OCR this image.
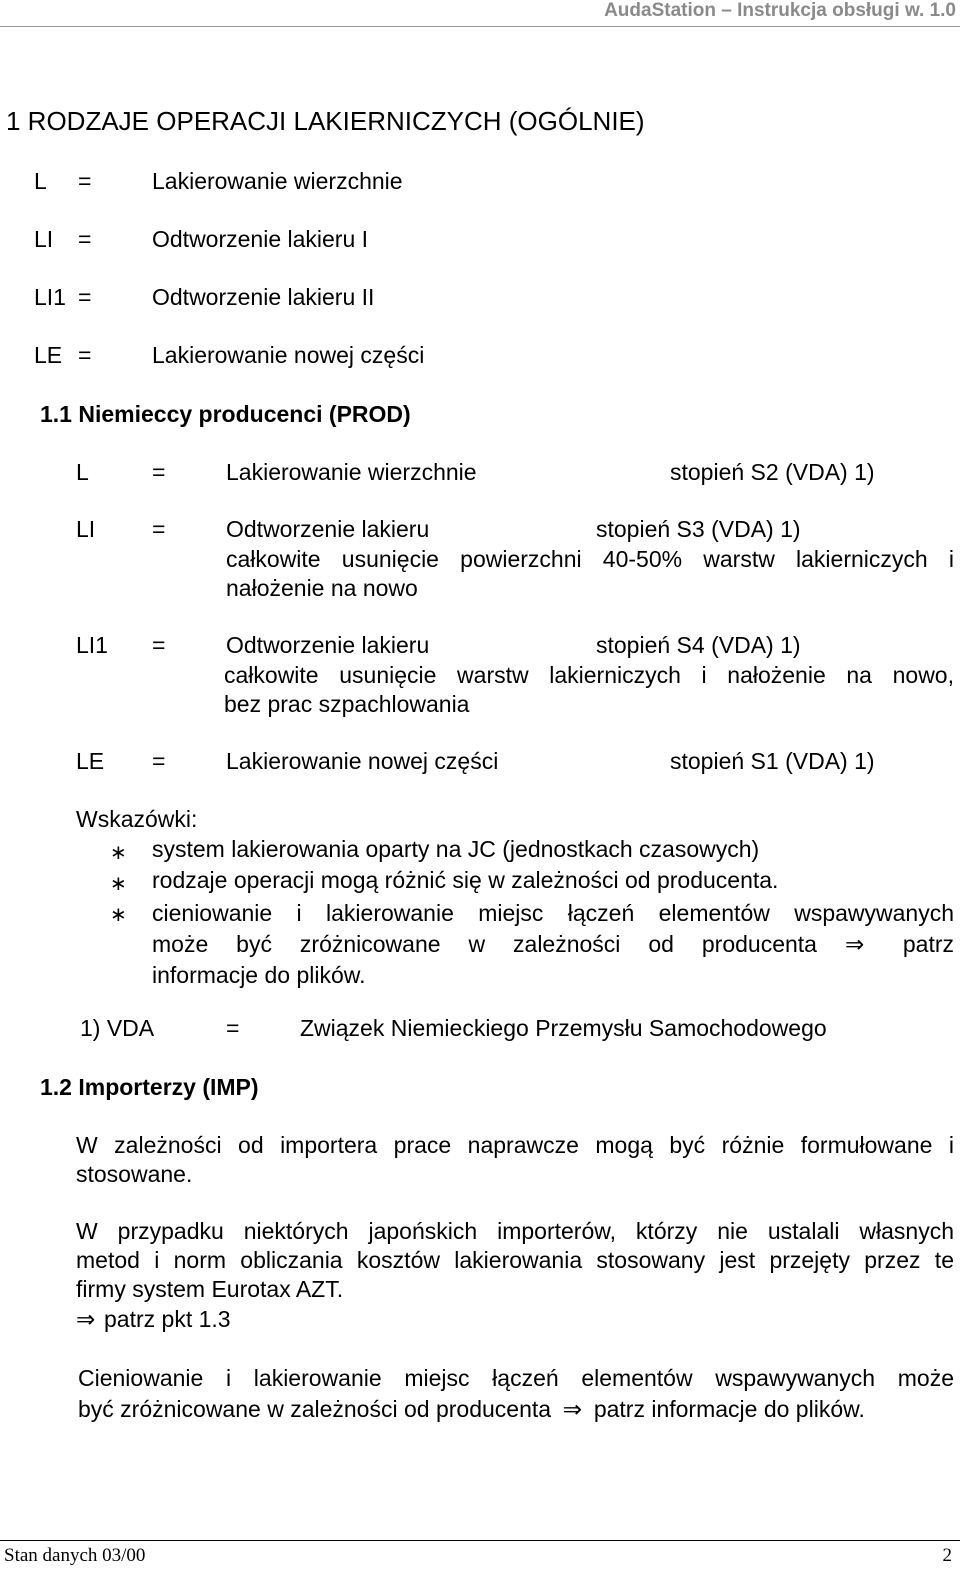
AudaStation – Instrukcja obsługi w. 1.0
1 RODZAJE OPERACJI LAKIERNICZYCH (OGÓLNIE)
L =	Lakierowanie wierzchnie
LI =	Odtworzenie lakieru I
LI1 =	Odtworzenie lakieru II
LE =	Lakierowanie nowej części
1.1 Niemieccy producenci (PROD)
L	=	Lakierowanie wierzchnie	stopień S2 (VDA) 1)
LI =	Odtworzenie lakieru	stopień S3 (VDA) 1)
całkowite usunięcie powierzchni 40-50% warstw lakierniczych i
nałożenie na nowo
LI1 =	Odtworzenie lakieru	stopień S4 (VDA) 1)
całkowite usunięcie warstw lakierniczych i nałożenie na nowo,
bez prac szpachlowania
LE =	Lakierowanie nowej części	stopień S1 (VDA) 1)
Wskazówki:
∗ system lakierowania oparty na JC (jednostkach czasowych)
∗ rodzaje operacji mogą różnić się w zależności od producenta.
∗ cieniowanie i lakierowanie miejsc łączeń elementów wspawywanych
może być zróżnicowane w zależności od producenta ⇒ patrz
informacje do plików.
1) VDA	=	Związek Niemieckiego Przemysłu Samochodowego
1.2 Importerzy (IMP)
W zależności od importera prace naprawcze mogą być różnie formułowane i
stosowane.
W przypadku niektórych japońskich importerów, którzy nie ustalali własnych
metod i norm obliczania kosztów lakierowania stosowany jest przejęty przez te
firmy system Eurotax AZT.
⇒ patrz pkt 1.3
Cieniowanie i lakierowanie miejsc łączeń elementów wspawywanych może
być zróżnicowane w zależności od producenta ⇒ patrz informacje do plików.
Stan danych 03/00	2
